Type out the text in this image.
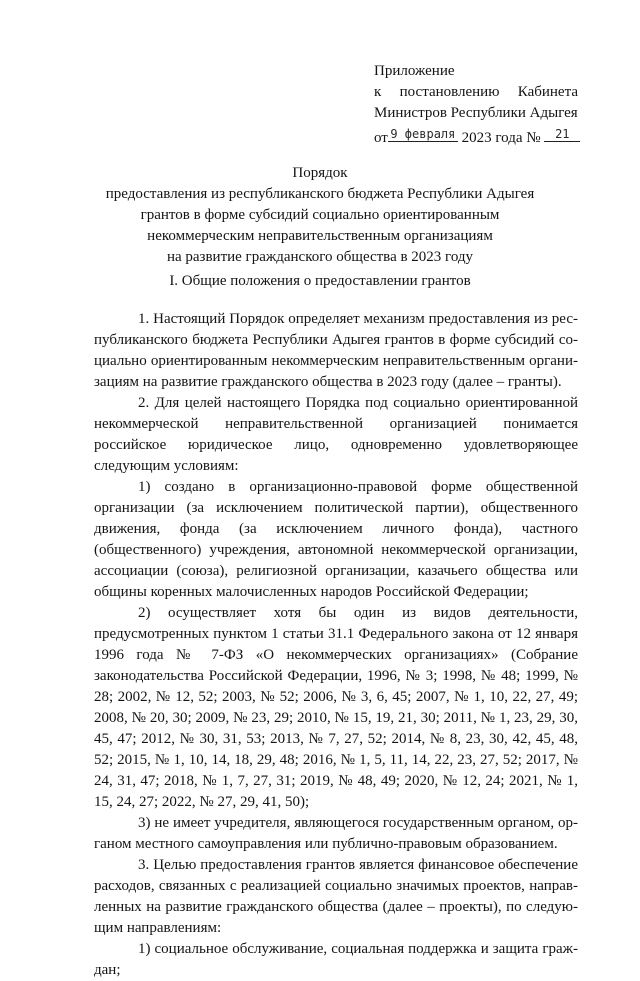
Приложение
к постановлению Кабинета
Министров Республики Адыгея
от 9 февраля 2023 года №	21
Порядок
предоставления из республиканского бюджета Республики Адыгея
грантов в форме субсидий социально ориентированным
некоммерческим неправительственным организациям
на развитие гражданского общества в 2023 году
I. Общие положения о предоставлении грантов

1. Настоящий Порядок определяет механизм предоставления из республиканского бюджета Республики Адыгея грантов в форме субсидий социально ориентированным некоммерческим неправительственным организациям на развитие гражданского общества в 2023 году (далее – гранты).

2. Для целей настоящего Порядка под социально ориентированной некоммерческой неправительственной организацией понимается российское юридическое лицо, одновременно удовлетворяющее следующим условиям:

1) создано в организационно-правовой форме общественной организации (за исключением политической партии), общественного движения, фонда (за исключением личного фонда), частного (общественного) учреждения, автономной некоммерческой организации, ассоциации (союза), религиозной организации, казачьего общества или общины коренных малочисленных народов Российской Федерации;

2) осуществляет хотя бы один из видов деятельности, предусмотренных пунктом 1 статьи 31.1 Федерального закона от 12 января 1996 года № 7-ФЗ «О некоммерческих организациях» (Собрание законодательства Российской Федерации, 1996, № 3; 1998, № 48; 1999, № 28; 2002, № 12, 52; 2003, № 52; 2006, № 3, 6, 45; 2007, № 1, 10, 22, 27, 49; 2008, № 20, 30; 2009, № 23, 29; 2010, № 15, 19, 21, 30; 2011, № 1, 23, 29, 30, 45, 47; 2012, № 30, 31, 53; 2013, № 7, 27, 52; 2014, № 8, 23, 30, 42, 45, 48, 52; 2015, № 1, 10, 14, 18, 29, 48; 2016, № 1, 5, 11, 14, 22, 23, 27, 52; 2017, № 24, 31, 47; 2018, № 1, 7, 27, 31; 2019, № 48, 49; 2020, № 12, 24; 2021, № 1, 15, 24, 27; 2022, № 27, 29, 41, 50);

3) не имеет учредителя, являющегося государственным органом, органом местного самоуправления или публично-правовым образованием.

3. Целью предоставления грантов является финансовое обеспечение расходов, связанных с реализацией социально значимых проектов, направленных на развитие гражданского общества (далее – проекты), по следующим направлениям:

1) социальное обслуживание, социальная поддержка и защита граждан;
